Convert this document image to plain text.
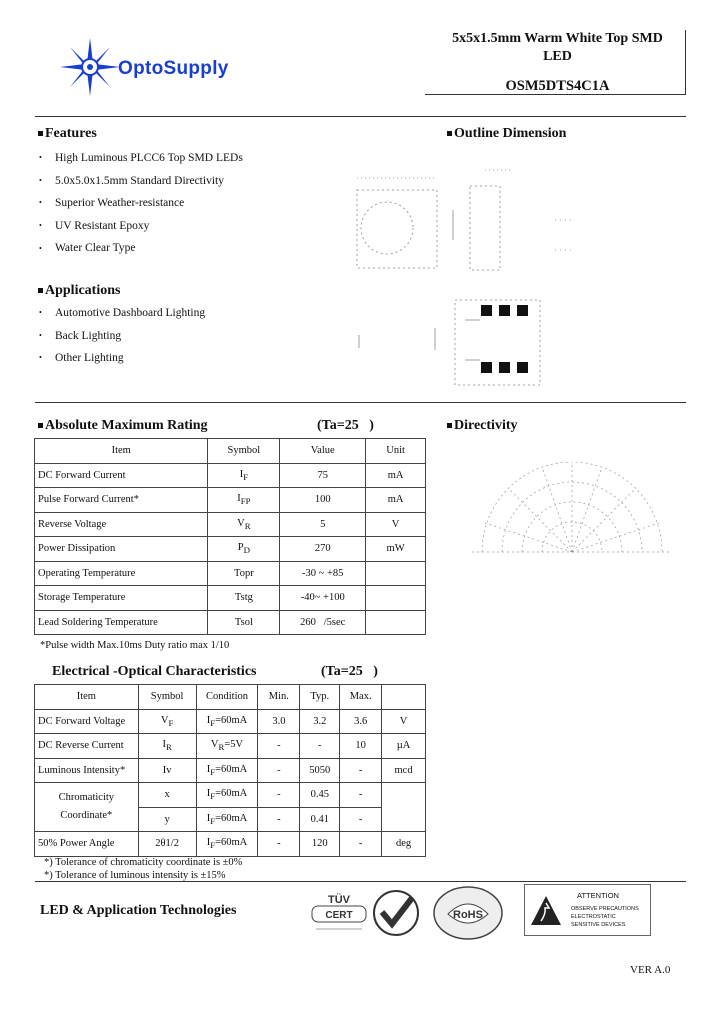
OptoSupply
5x5x1.5mm Warm White Top SMD
LED
OSM5DTS4C1A
Features
• High Luminous PLCC6 Top SMD LEDs
• 5.0x5.0x1.5mm Standard Directivity
• Superior Weather-resistance
• UV Resistant Epoxy
• Water Clear Type
Outline Dimension
Applications
• Automotive Dashboard Lighting
• Back Lighting
• Other Lighting
Absolute Maximum Rating	(Ta=25   )
Item	Symbol	Value	Unit
DC Forward Current	$I_F$	75	mA
Pulse Forward Current*	$I_{FP}$	100	mA
Reverse Voltage	$V_R$	5	V
Power Dissipation	$P_D$	270	mW
Operating Temperature	Topr	-30 ~ +85	
Storage Temperature	Tstg	-40~ +100	
Lead Soldering Temperature	Tsol	260   /5sec	
*Pulse width Max.10ms Duty ratio max 1/10
Directivity
Electrical -Optical Characteristics	(Ta=25   )
Item	Symbol	Condition	Min.	Typ.	Max.	
DC Forward Voltage	$V_F$	$I_F=60mA$	3.0	3.2	3.6	V
DC Reverse Current	$I_R$	$V_R=5V$	-	-	10	µA
Luminous Intensity*	Iv	$I_F=60mA$	-	5050	-	mcd

Chromaticity
Coordinate*	x	$I_F=60mA$	-	0.45	-	
	y	$I_F=60mA$	-	0.41	-	
50% Power Angle	2θ1/2	$I_F=60mA$	-	120	-	deg
*) Tolerance of chromaticity coordinate is ±0%
*) Tolerance of luminous intensity is ±15%
LED & Application Technologies
TÜV
CERT	RoHS
ATTENTION
OBSERVE PRECAUTIONS
ELECTROSTATIC
SENSITIVE DEVICES
VER A.0
